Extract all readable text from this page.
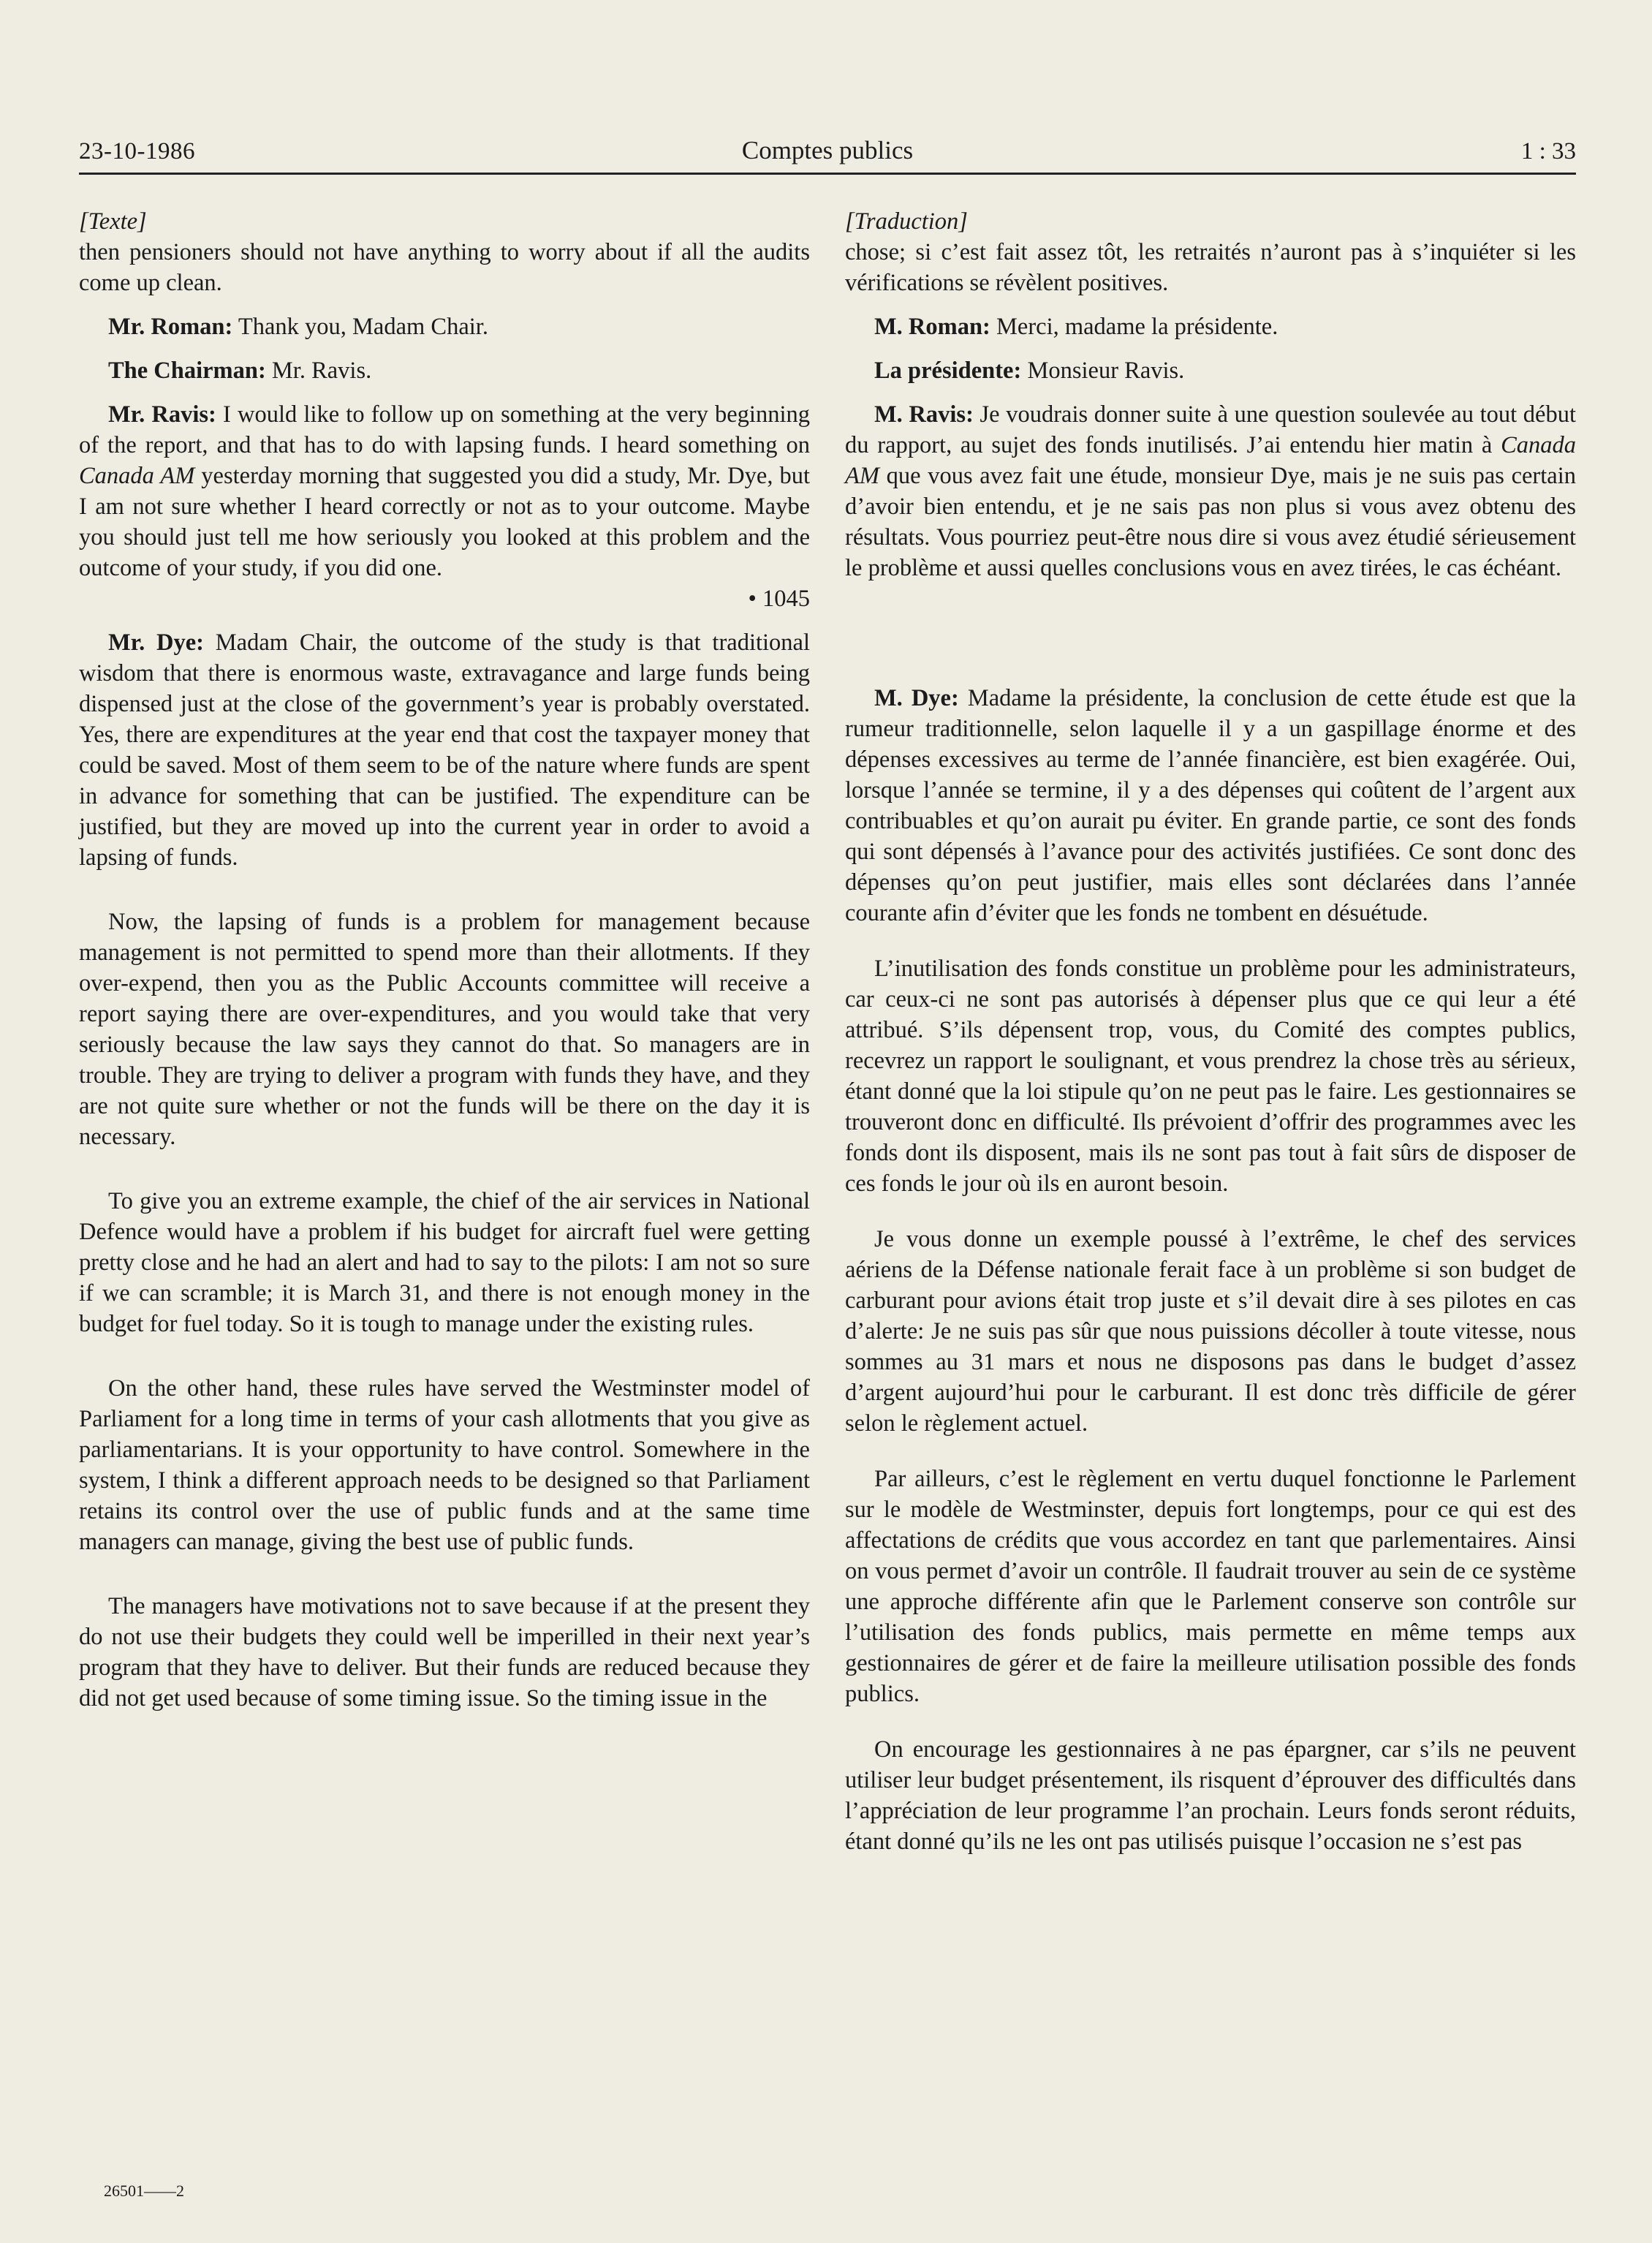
23-10-1986	Comptes publics	1 : 33

[Texte]

then pensioners should not have anything to worry about if all the audits come up clean.

Mr. Roman: Thank you, Madam Chair.

The Chairman: Mr. Ravis.

Mr. Ravis: I would like to follow up on something at the very beginning of the report, and that has to do with lapsing funds. I heard something on Canada AM yesterday morning that suggested you did a study, Mr. Dye, but I am not sure whether I heard correctly or not as to your outcome. Maybe you should just tell me how seriously you looked at this problem and the outcome of your study, if you did one.

• 1045

Mr. Dye: Madam Chair, the outcome of the study is that traditional wisdom that there is enormous waste, extravagance and large funds being dispensed just at the close of the government’s year is probably overstated. Yes, there are expenditures at the year end that cost the taxpayer money that could be saved. Most of them seem to be of the nature where funds are spent in advance for something that can be justified. The expenditure can be justified, but they are moved up into the current year in order to avoid a lapsing of funds.

Now, the lapsing of funds is a problem for management because management is not permitted to spend more than their allotments. If they over-expend, then you as the Public Accounts committee will receive a report saying there are over-expenditures, and you would take that very seriously because the law says they cannot do that. So managers are in trouble. They are trying to deliver a program with funds they have, and they are not quite sure whether or not the funds will be there on the day it is necessary.

To give you an extreme example, the chief of the air services in National Defence would have a problem if his budget for aircraft fuel were getting pretty close and he had an alert and had to say to the pilots: I am not so sure if we can scramble; it is March 31, and there is not enough money in the budget for fuel today. So it is tough to manage under the existing rules.

On the other hand, these rules have served the Westminster model of Parliament for a long time in terms of your cash allotments that you give as parliamentarians. It is your opportunity to have control. Somewhere in the system, I think a different approach needs to be designed so that Parliament retains its control over the use of public funds and at the same time managers can manage, giving the best use of public funds.

The managers have motivations not to save because if at the present they do not use their budgets they could well be imperilled in their next year’s program that they have to deliver. But their funds are reduced because they did not get used because of some timing issue. So the timing issue in the

[Traduction]

chose; si c’est fait assez tôt, les retraités n’auront pas à s’inquiéter si les vérifications se révèlent positives.

M. Roman: Merci, madame la présidente.

La présidente: Monsieur Ravis.

M. Ravis: Je voudrais donner suite à une question soulevée au tout début du rapport, au sujet des fonds inutilisés. J’ai entendu hier matin à Canada AM que vous avez fait une étude, monsieur Dye, mais je ne suis pas certain d’avoir bien entendu, et je ne sais pas non plus si vous avez obtenu des résultats. Vous pourriez peut-être nous dire si vous avez étudié sérieusement le problème et aussi quelles conclusions vous en avez tirées, le cas échéant.

M. Dye: Madame la présidente, la conclusion de cette étude est que la rumeur traditionnelle, selon laquelle il y a un gaspillage énorme et des dépenses excessives au terme de l’année financière, est bien exagérée. Oui, lorsque l’année se termine, il y a des dépenses qui coûtent de l’argent aux contribuables et qu’on aurait pu éviter. En grande partie, ce sont des fonds qui sont dépensés à l’avance pour des activités justifiées. Ce sont donc des dépenses qu’on peut justifier, mais elles sont déclarées dans l’année courante afin d’éviter que les fonds ne tombent en désuétude.

L’inutilisation des fonds constitue un problème pour les administrateurs, car ceux-ci ne sont pas autorisés à dépenser plus que ce qui leur a été attribué. S’ils dépensent trop, vous, du Comité des comptes publics, recevrez un rapport le soulignant, et vous prendrez la chose très au sérieux, étant donné que la loi stipule qu’on ne peut pas le faire. Les gestionnaires se trouveront donc en difficulté. Ils prévoient d’offrir des programmes avec les fonds dont ils disposent, mais ils ne sont pas tout à fait sûrs de disposer de ces fonds le jour où ils en auront besoin.

Je vous donne un exemple poussé à l’extrême, le chef des services aériens de la Défense nationale ferait face à un problème si son budget de carburant pour avions était trop juste et s’il devait dire à ses pilotes en cas d’alerte: Je ne suis pas sûr que nous puissions décoller à toute vitesse, nous sommes au 31 mars et nous ne disposons pas dans le budget d’assez d’argent aujourd’hui pour le carburant. Il est donc très difficile de gérer selon le règlement actuel.

Par ailleurs, c’est le règlement en vertu duquel fonctionne le Parlement sur le modèle de Westminster, depuis fort longtemps, pour ce qui est des affectations de crédits que vous accordez en tant que parlementaires. Ainsi on vous permet d’avoir un contrôle. Il faudrait trouver au sein de ce système une approche différente afin que le Parlement conserve son contrôle sur l’utilisation des fonds publics, mais permette en même temps aux gestionnaires de gérer et de faire la meilleure utilisation possible des fonds publics.

On encourage les gestionnaires à ne pas épargner, car s’ils ne peuvent utiliser leur budget présentement, ils risquent d’éprouver des difficultés dans l’appréciation de leur programme l’an prochain. Leurs fonds seront réduits, étant donné qu’ils ne les ont pas utilisés puisque l’occasion ne s’est pas

26501——2
